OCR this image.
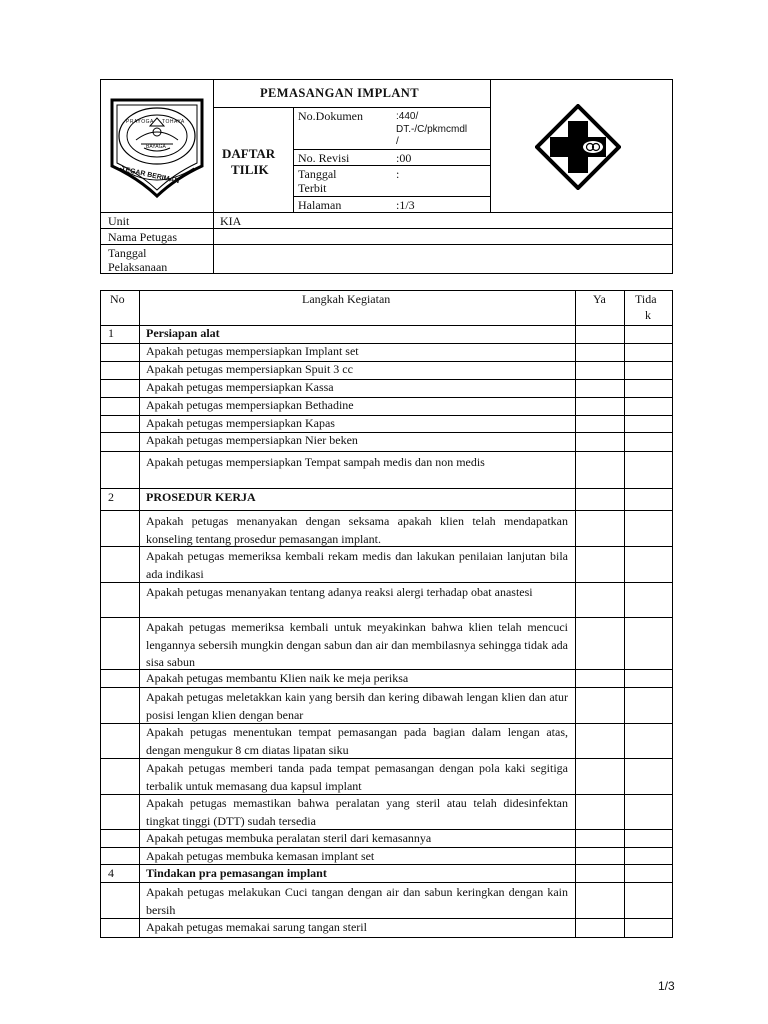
PRAYOGA TOHAYA
BAYAGA
TEGAR BERIMAN
PEMASANGAN IMPLANT
DAFTAR
TILIK
No.Dokumen	:440/
DT.-/C/pkmcmdl
/
No. Revisi	:00
Tanggal
Terbit
:
Halaman	:1/3
Unit	KIA
Nama Petugas
Tanggal
Pelaksanaan
No	Langkah Kegiatan	Ya Tida
k
1	Persiapan alat
Apakah petugas mempersiapkan Implant set
Apakah petugas mempersiapkan Spuit 3 cc
Apakah petugas mempersiapkan Kassa
Apakah petugas mempersiapkan Bethadine
Apakah petugas mempersiapkan Kapas
Apakah petugas mempersiapkan Nier beken
Apakah petugas mempersiapkan Tempat sampah medis dan non medis
2	PROSEDUR KERJA
Apakah petugas menanyakan dengan seksama apakah klien telah mendapatkan konseling tentang prosedur pemasangan implant.
Apakah petugas memeriksa kembali rekam medis dan lakukan penilaian lanjutan bila ada indikasi
Apakah petugas menanyakan tentang adanya reaksi alergi terhadap obat anastesi
Apakah petugas memeriksa kembali untuk meyakinkan bahwa klien telah mencuci lengannya sebersih mungkin dengan sabun dan air dan membilasnya sehingga tidak ada sisa sabun
Apakah petugas membantu Klien naik ke meja periksa
Apakah petugas meletakkan kain yang bersih dan kering dibawah lengan klien dan atur posisi lengan klien dengan benar
Apakah petugas menentukan tempat pemasangan pada bagian dalam lengan atas, dengan mengukur 8 cm diatas lipatan siku
Apakah petugas memberi tanda pada tempat pemasangan dengan pola kaki segitiga terbalik untuk memasang dua kapsul implant
Apakah petugas memastikan bahwa peralatan yang steril atau telah didesinfektan tingkat tinggi (DTT) sudah tersedia
Apakah petugas membuka peralatan steril dari kemasannya
Apakah petugas membuka kemasan implant set
4	Tindakan pra pemasangan implant
Apakah petugas melakukan Cuci tangan dengan air dan sabun keringkan dengan kain bersih
Apakah petugas memakai sarung tangan steril
1/3
